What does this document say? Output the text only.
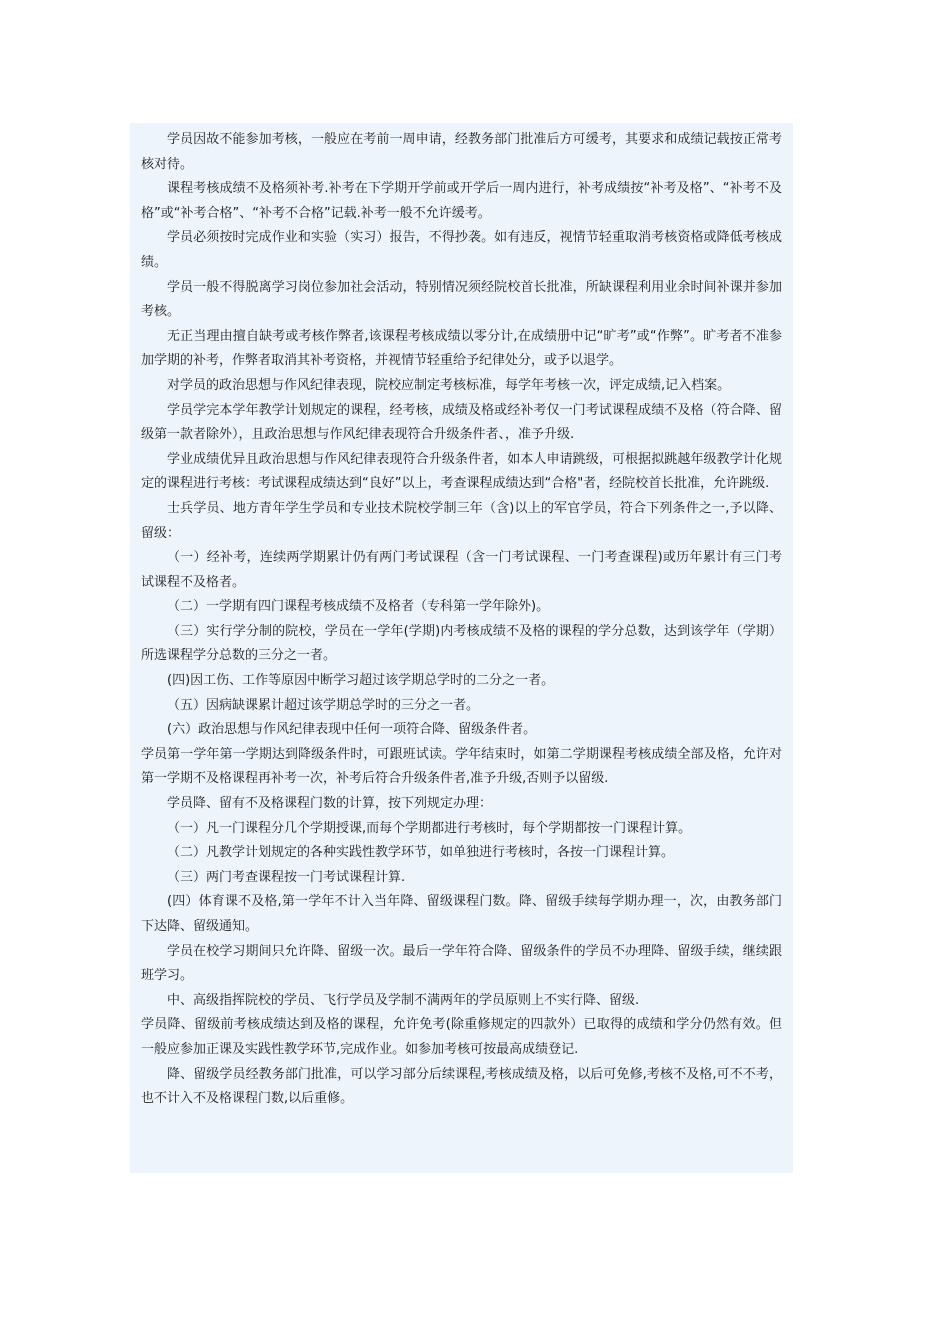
学员因故不能参加考核，一般应在考前一周申请，经教务部门批准后方可缓考，其要求和成绩记载按正常考核对待。

课程考核成绩不及格须补考.补考在下学期开学前或开学后一周内进行，补考成绩按“补考及格”、“补考不及格”或“补考合格”、“补考不合格”记载.补考一般不允许缓考。

学员必须按时完成作业和实验（实习）报告，不得抄袭。如有违反，视情节轻重取消考核资格或降低考核成绩。

学员一般不得脱离学习岗位参加社会活动，特别情况须经院校首长批准，所缺课程利用业余时间补课并参加考核。

无正当理由擅自缺考或考核作弊者,该课程考核成绩以零分计,在成绩册中记“旷考”或“作弊”。旷考者不准参加学期的补考，作弊者取消其补考资格，并视情节轻重给予纪律处分，或予以退学。

对学员的政治思想与作风纪律表现，院校应制定考核标准，每学年考核一次，评定成绩,记入档案。

学员学完本学年教学计划规定的课程，经考核，成绩及格或经补考仅一门考试课程成绩不及格（符合降、留级第一款者除外），且政治思想与作风纪律表现符合升级条件者、，准予升级.

学业成绩优异且政治思想与作风纪律表现符合升级条件者，如本人申请跳级，可根据拟跳越年级教学计化规定的课程进行考核：考试课程成绩达到“良好”以上，考查课程成绩达到“合格"者，经院校首长批准，允许跳级.

士兵学员、地方青年学生学员和专业技术院校学制三年（含)以上的军官学员，符合下列条件之一,予以降、留级：

（一）经补考，连续两学期累计仍有两门考试课程（含一门考试课程、一门考查课程)或历年累计有三门考试课程不及格者。

（二）一学期有四门课程考核成绩不及格者（专科第一学年除外)。

（三）实行学分制的院校，学员在一学年(学期)内考核成绩不及格的课程的学分总数，达到该学年（学期）所选课程学分总数的三分之一者。

(四)因工伤、工作等原因中断学习超过该学期总学时的二分之一者。

（五）因病缺课累计超过该学期总学时的三分之一者。

(六）政治思想与作风纪律表现中任何一项符合降、留级条件者。

学员第一学年第一学期达到降级条件时，可跟班试读。学年结束时，如第二学期课程考核成绩全部及格，允许对第一学期不及格课程再补考一次，补考后符合升级条件者,准予升级,否则予以留级.

学员降、留有不及格课程门数的计算，按下列规定办理：

（一）凡一门课程分几个学期授课,而每个学期都进行考核时，每个学期都按一门课程计算。

（二）凡教学计划规定的各种实践性教学环节，如单独进行考核时，各按一门课程计算。

（三）两门考查课程按一门考试课程计算.

(四）体育课不及格,第一学年不计入当年降、留级课程门数。降、留级手续每学期办理一，次，由教务部门下达降、留级通知。

学员在校学习期间只允许降、留级一次。最后一学年符合降、留级条件的学员不办理降、留级手续，继续跟班学习。

中、高级指挥院校的学员、飞行学员及学制不满两年的学员原则上不实行降、留级.

学员降、留级前考核成绩达到及格的课程，允许免考(除重修规定的四款外）已取得的成绩和学分仍然有效。但一般应参加正课及实践性教学环节,完成作业。如参加考核可按最高成绩登记.

降、留级学员经教务部门批准，可以学习部分后续课程,考核成绩及格，以后可免修,考核不及格,可不不考，也不计入不及格课程门数,以后重修。
